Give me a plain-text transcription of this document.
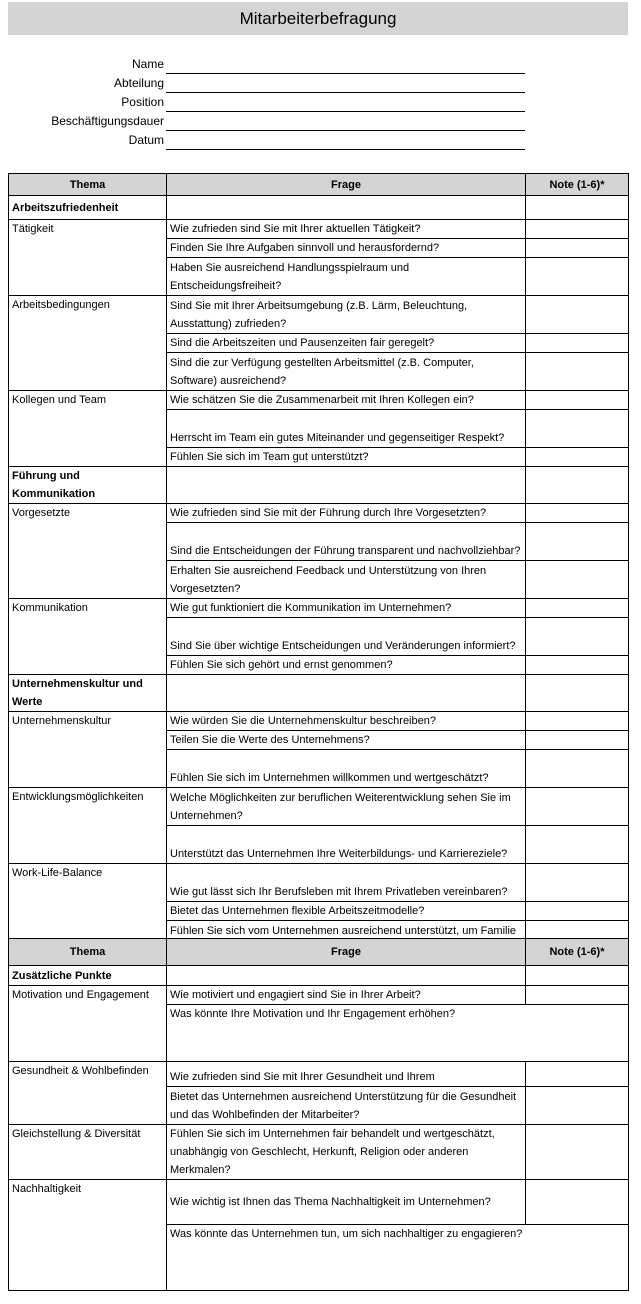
Mitarbeiterbefragung
Name
Abteilung
Position
Beschäftigungsdauer
Datum
Thema	Frage	Note (1-6)*
Arbeitszufriedenheit		
Tätigkeit	Wie zufrieden sind Sie mit Ihrer aktuellen Tätigkeit?	
	Finden Sie Ihre Aufgaben sinnvoll und herausfordernd?	
	Haben Sie ausreichend Handlungsspielraum und Entscheidungsfreiheit?	
Arbeitsbedingungen	Sind Sie mit Ihrer Arbeitsumgebung (z.B. Lärm, Beleuchtung, Ausstattung) zufrieden?	
	Sind die Arbeitszeiten und Pausenzeiten fair geregelt?	
	Sind die zur Verfügung gestellten Arbeitsmittel (z.B. Computer, Software) ausreichend?	
Kollegen und Team	Wie schätzen Sie die Zusammenarbeit mit Ihren Kollegen ein?	
	Herrscht im Team ein gutes Miteinander und gegenseitiger Respekt?	
	Fühlen Sie sich im Team gut unterstützt?	
Führung und Kommunikation		
Vorgesetzte	Wie zufrieden sind Sie mit der Führung durch Ihre Vorgesetzten?	
	Sind die Entscheidungen der Führung transparent und nachvollziehbar?	
	Erhalten Sie ausreichend Feedback und Unterstützung von Ihren Vorgesetzten?	
Kommunikation	Wie gut funktioniert die Kommunikation im Unternehmen?	
	Sind Sie über wichtige Entscheidungen und Veränderungen informiert?	
	Fühlen Sie sich gehört und ernst genommen?	
Unternehmenskultur und Werte		
Unternehmenskultur	Wie würden Sie die Unternehmenskultur beschreiben?	
	Teilen Sie die Werte des Unternehmens?	
	Fühlen Sie sich im Unternehmen willkommen und wertgeschätzt?	
Entwicklungsmöglichkeiten	Welche Möglichkeiten zur beruflichen Weiterentwicklung sehen Sie im Unternehmen?	
	Unterstützt das Unternehmen Ihre Weiterbildungs- und Karriereziele?	
Work-Life-Balance	Wie gut lässt sich Ihr Berufsleben mit Ihrem Privatleben vereinbaren?	
	Bietet das Unternehmen flexible Arbeitszeitmodelle?	
	Fühlen Sie sich vom Unternehmen ausreichend unterstützt, um Familie	
Thema	Frage	Note (1-6)*
Zusätzliche Punkte		
Motivation und Engagement	Wie motiviert und engagiert sind Sie in Ihrer Arbeit?	
	Was könnte Ihre Motivation und Ihr Engagement erhöhen?	
Gesundheit & Wohlbefinden	Wie zufrieden sind Sie mit Ihrer Gesundheit und Ihrem	
	Bietet das Unternehmen ausreichend Unterstützung für die Gesundheit und das Wohlbefinden der Mitarbeiter?	
Gleichstellung & Diversität	Fühlen Sie sich im Unternehmen fair behandelt und wertgeschätzt, unabhängig von Geschlecht, Herkunft, Religion oder anderen Merkmalen?	
Nachhaltigkeit	Wie wichtig ist Ihnen das Thema Nachhaltigkeit im Unternehmen?	
	Was könnte das Unternehmen tun, um sich nachhaltiger zu engagieren?	
